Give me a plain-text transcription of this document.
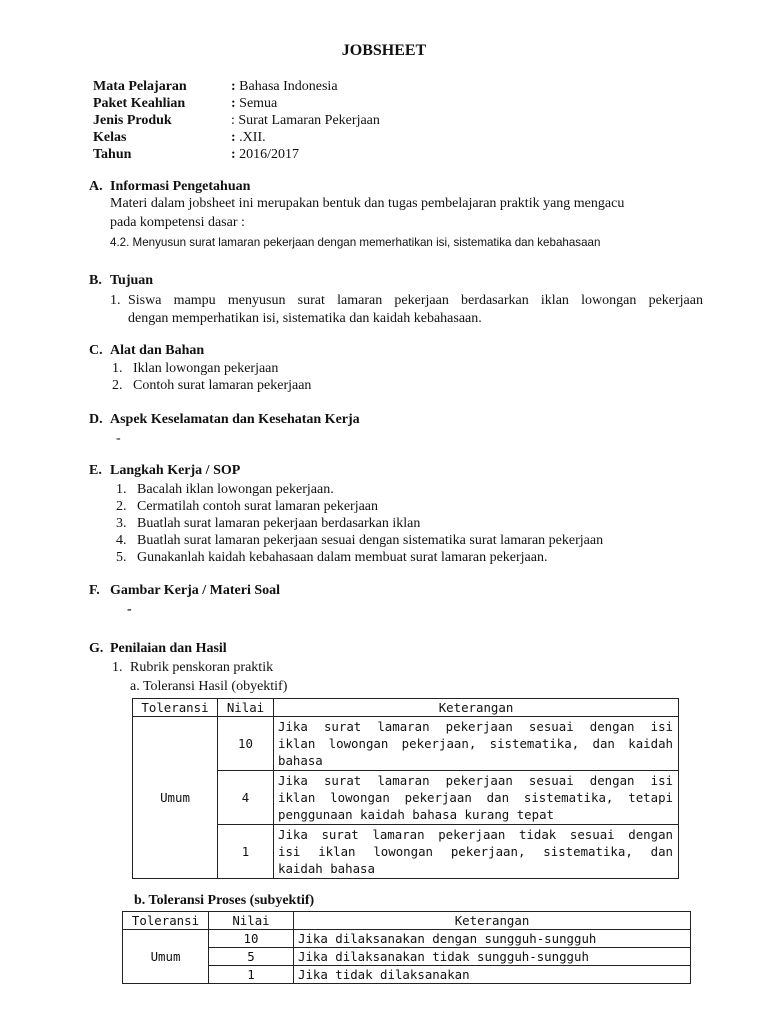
JOBSHEET
Mata Pelajaran	: Bahasa Indonesia
Paket Keahlian	: Semua
Jenis Produk	: Surat Lamaran Pekerjaan
Kelas	: .XII.
Tahun	: 2016/2017
A. Informasi Pengetahuan
Materi dalam jobsheet ini merupakan bentuk dan tugas pembelajaran praktik yang mengacu
pada kompetensi dasar :
4.2. Menyusun surat lamaran pekerjaan dengan memerhatikan isi, sistematika dan kebahasaan
B. Tujuan
1. Siswa mampu menyusun surat lamaran pekerjaan berdasarkan iklan lowongan pekerjaan
dengan memperhatikan isi, sistematika dan kaidah kebahasaan.
C. Alat dan Bahan
1. Iklan lowongan pekerjaan
2. Contoh surat lamaran pekerjaan
D. Aspek Keselamatan dan Kesehatan Kerja
-
E. Langkah Kerja / SOP
1. Bacalah iklan lowongan pekerjaan.
2. Cermatilah contoh surat lamaran pekerjaan
3. Buatlah surat lamaran pekerjaan berdasarkan iklan
4. Buatlah surat lamaran pekerjaan sesuai dengan sistematika surat lamaran pekerjaan
5. Gunakanlah kaidah kebahasaan dalam membuat surat lamaran pekerjaan.
F. Gambar Kerja / Materi Soal
-
G. Penilaian dan Hasil
1. Rubrik penskoran praktik
a. Toleransi Hasil (obyektif)
Toleransi	Nilai	Keterangan
Umum	10	Jika surat lamaran pekerjaan sesuai dengan isi
iklan lowongan pekerjaan, sistematika, dan kaidah
bahasa

	4	Jika surat lamaran pekerjaan sesuai dengan isi
iklan lowongan pekerjaan dan sistematika, tetapi
penggunaan kaidah bahasa kurang tepat

	1	Jika surat lamaran pekerjaan tidak sesuai dengan
isi iklan lowongan pekerjaan, sistematika, dan
kaidah bahasa
b. Toleransi Proses (subyektif)
Toleransi	Nilai	Keterangan
Umum	10	Jika dilaksanakan dengan sungguh-sungguh
	5	Jika dilaksanakan tidak sungguh-sungguh
	1	Jika tidak dilaksanakan
